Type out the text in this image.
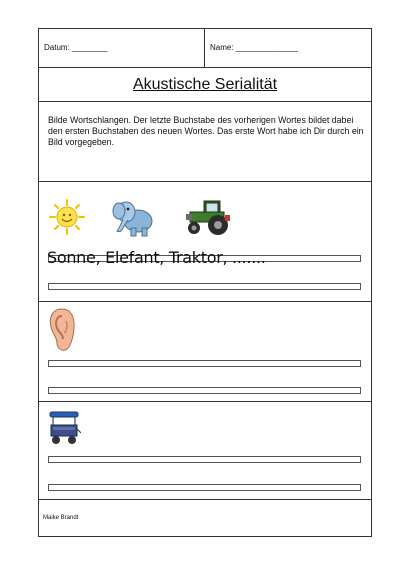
Datum: ________	Name: ______________
Akustische Serialität
Bilde Wortschlangen. Der letzte Buchstabe des vorherigen Wortes bildet dabei den ersten Buchstaben des neuen Wortes. Das erste Wort habe ich Dir durch ein Bild vorgegeben.
Sonne, Elefant, Traktor, .......
Maike Brandt
